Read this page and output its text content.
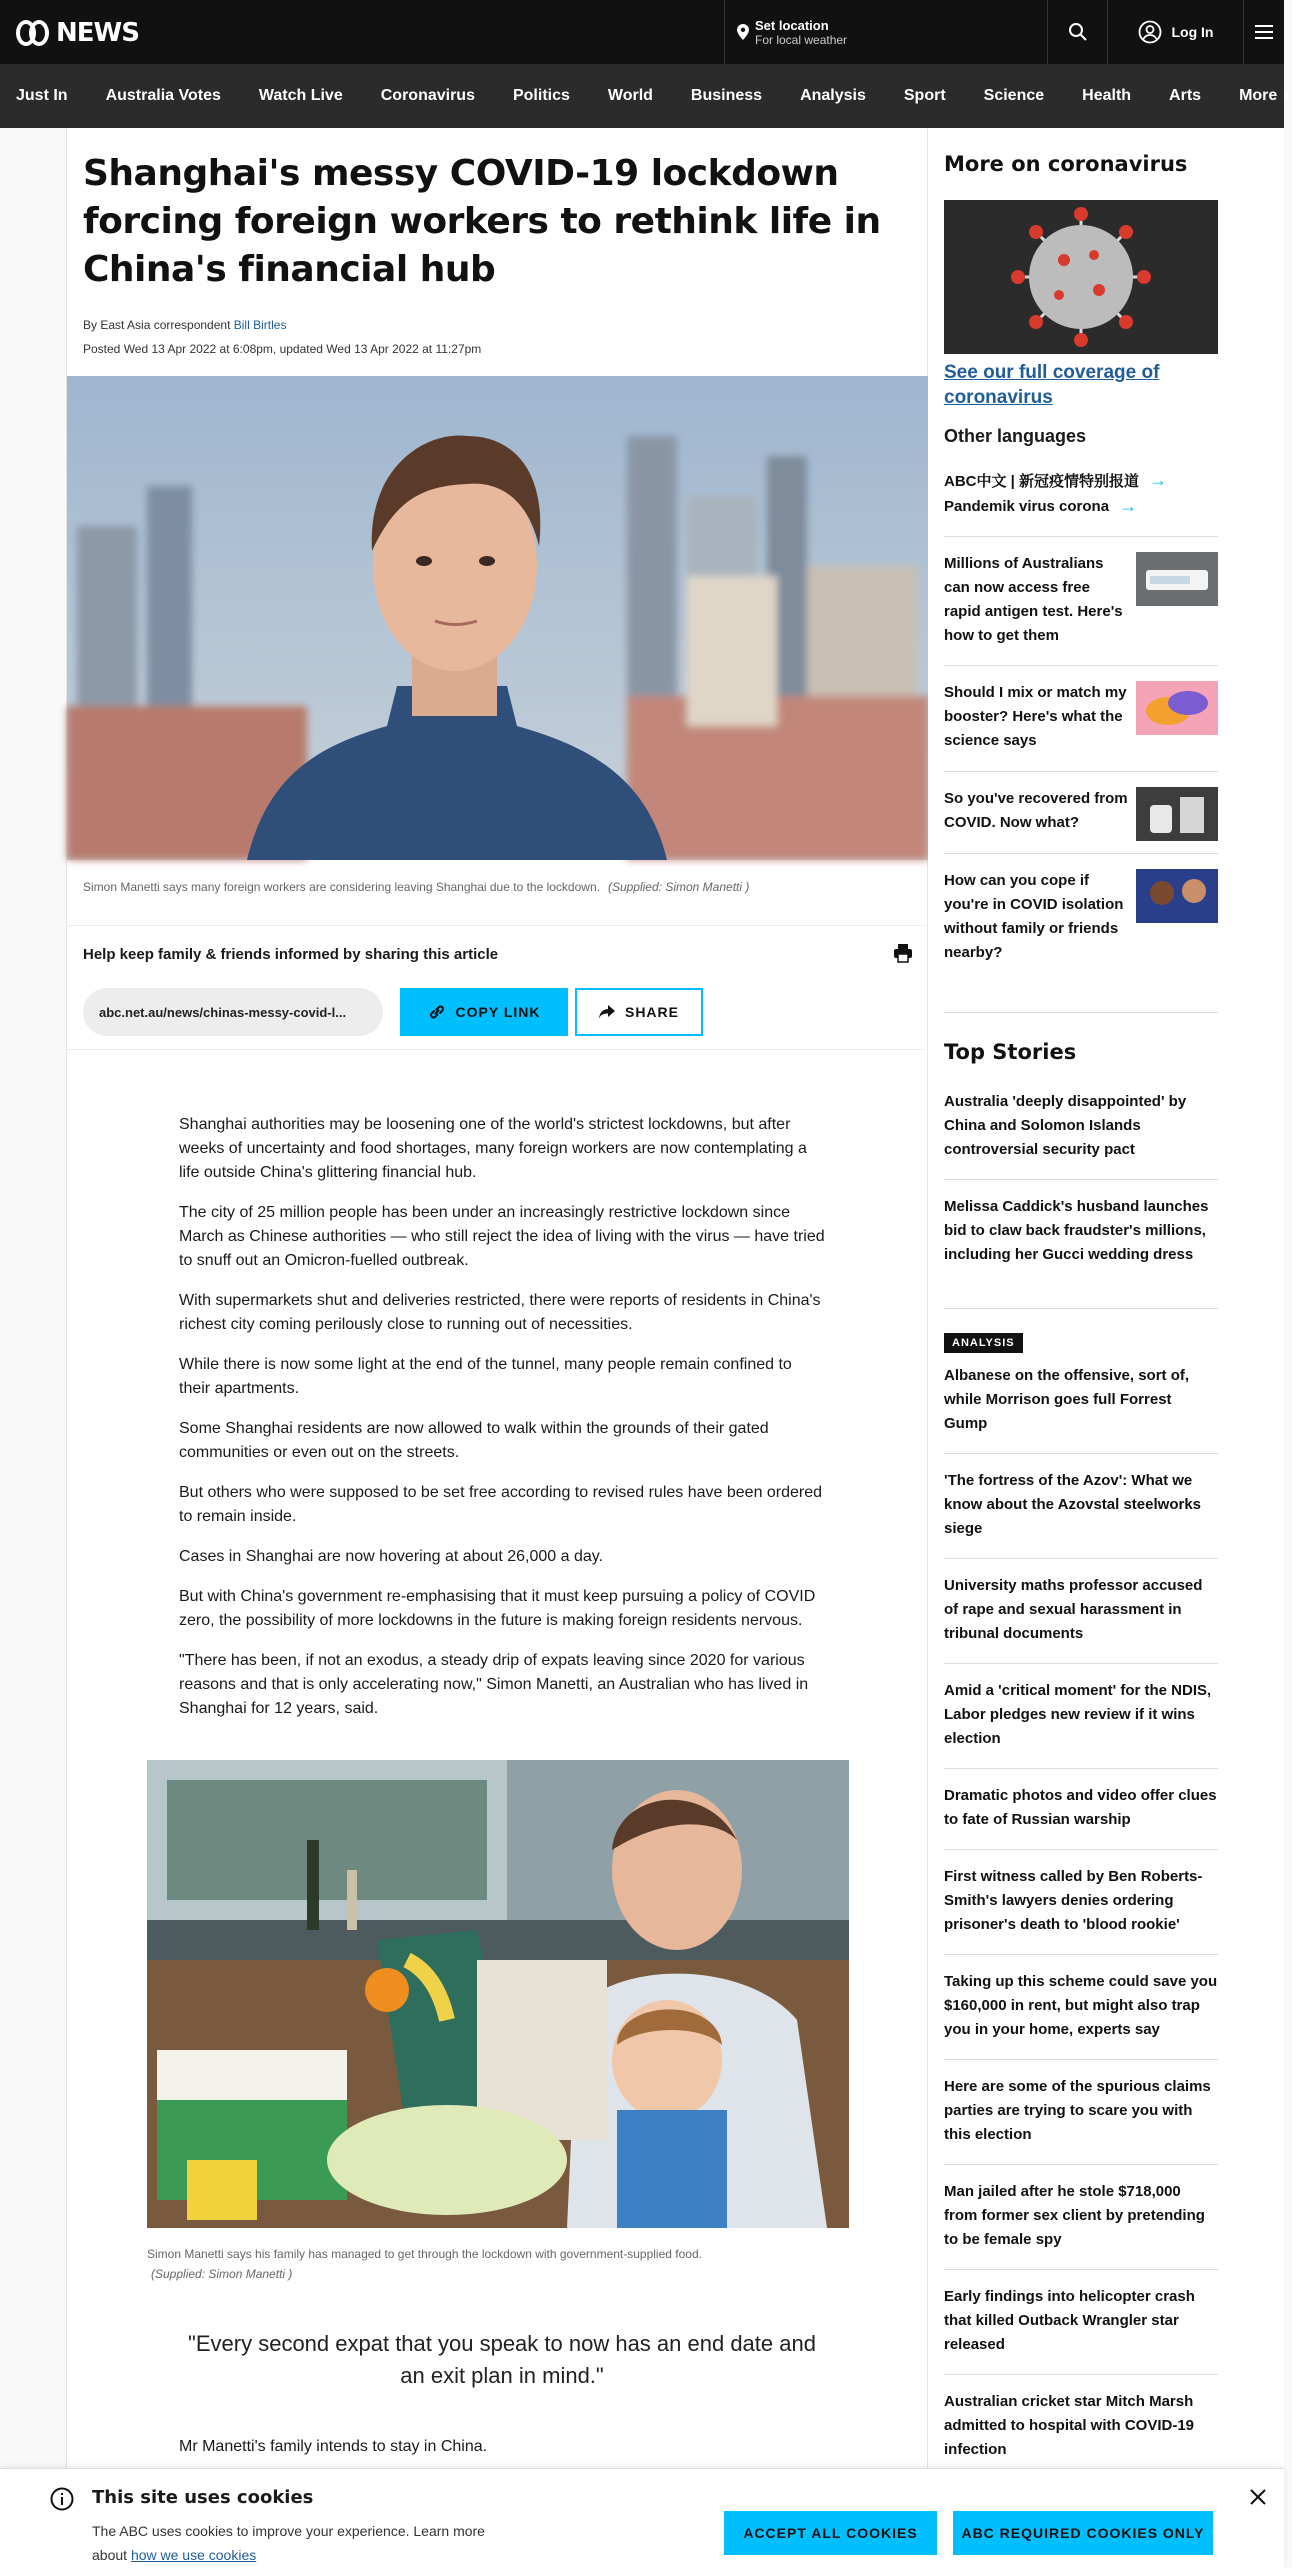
NEWS	Set location
For local weather	Log In
Just In Australia Votes Watch Live Coronavirus Politics World Business Analysis Sport Science Health Arts More ▼
Shanghai's messy COVID-19 lockdown forcing foreign workers to rethink life in China's financial hub
By East Asia correspondent Bill Birtles
Posted Wed 13 Apr 2022 at 6:08pm, updated Wed 13 Apr 2022 at 11:27pm
Simon Manetti says many foreign workers are considering leaving Shanghai due to the lockdown. (Supplied: Simon Manetti )
Help keep family & friends informed by sharing this article
abc.net.au/news/chinas-messy-covid-l...	COPY LINK	SHARE

Shanghai authorities may be loosening one of the world's strictest lockdowns, but after weeks of uncertainty and food shortages, many foreign workers are now contemplating a life outside China's glittering financial hub.

The city of 25 million people has been under an increasingly restrictive lockdown since March as Chinese authorities — who still reject the idea of living with the virus — have tried to snuff out an Omicron-fuelled outbreak.

With supermarkets shut and deliveries restricted, there were reports of residents in China's richest city coming perilously close to running out of necessities.

While there is now some light at the end of the tunnel, many people remain confined to their apartments.

Some Shanghai residents are now allowed to walk within the grounds of their gated communities or even out on the streets.

But others who were supposed to be set free according to revised rules have been ordered to remain inside.

Cases in Shanghai are now hovering at about 26,000 a day.

But with China's government re-emphasising that it must keep pursuing a policy of COVID zero, the possibility of more lockdowns in the future is making foreign residents nervous.

"There has been, if not an exodus, a steady drip of expats leaving since 2020 for various reasons and that is only accelerating now," Simon Manetti, an Australian who has lived in Shanghai for 12 years, said.

Simon Manetti says his family has managed to get through the lockdown with government-supplied food.
(Supplied: Simon Manetti )
"Every second expat that you speak to now has an end date and an exit plan in mind."

Mr Manetti's family intends to stay in China.

More on coronavirus
See our full coverage of coronavirus
Other languages
ABC中文 | 新冠疫情特别报道 →
Pandemik virus corona →
Millions of Australians can now access free rapid antigen test. Here's how to get them
Should I mix or match my booster? Here's what the science says
So you've recovered from COVID. Now what?
How can you cope if you're in COVID isolation without family or friends nearby?
Top Stories
Australia 'deeply disappointed' by China and Solomon Islands controversial security pact
Melissa Caddick's husband launches bid to claw back fraudster's millions, including her Gucci wedding dress
ANALYSIS
Albanese on the offensive, sort of, while Morrison goes full Forrest Gump
'The fortress of the Azov': What we know about the Azovstal steelworks siege
University maths professor accused of rape and sexual harassment in tribunal documents
Amid a 'critical moment' for the NDIS, Labor pledges new review if it wins election
Dramatic photos and video offer clues to fate of Russian warship
First witness called by Ben Roberts-Smith's lawyers denies ordering prisoner's death to 'blood rookie'
Taking up this scheme could save you $160,000 in rent, but might also trap you in your home, experts say
Here are some of the spurious claims parties are trying to scare you with this election
Man jailed after he stole $718,000 from former sex client by pretending to be female spy
Early findings into helicopter crash that killed Outback Wrangler star released
Australian cricket star Mitch Marsh admitted to hospital with COVID-19 infection
This site uses cookies
The ABC uses cookies to improve your experience. Learn more about how we use cookies
ACCEPT ALL COOKIES	ABC REQUIRED COOKIES ONLY
